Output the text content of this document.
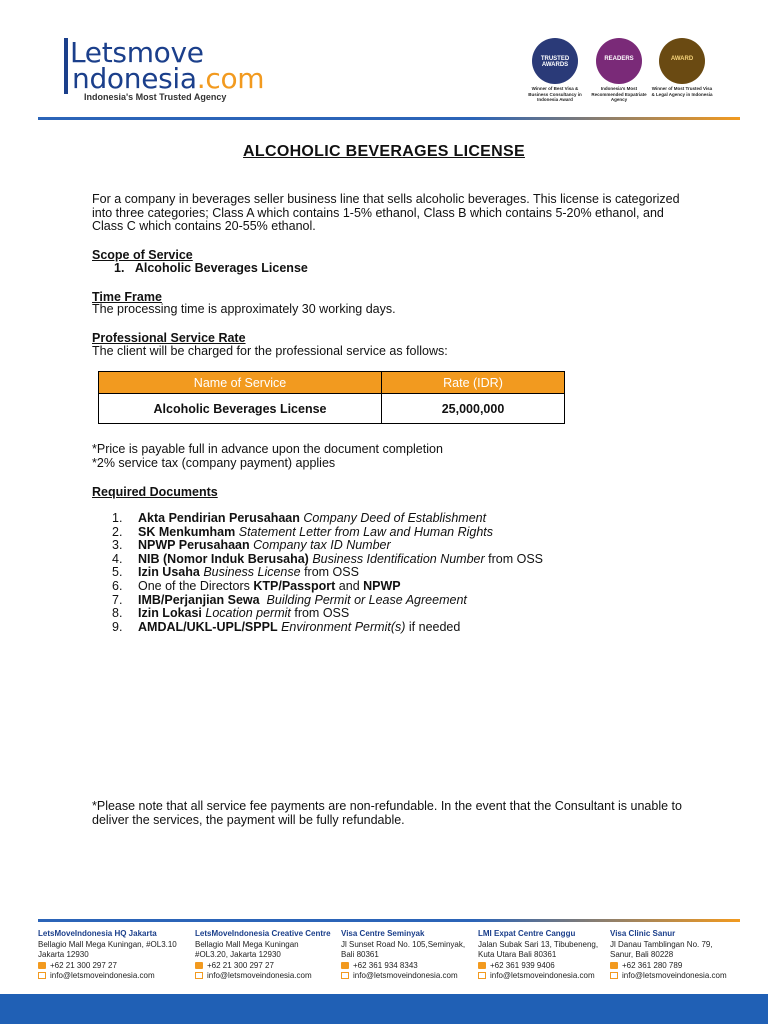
Letsmove
ndonesia.com
Indonesia's Most Trusted Agency
Winner of Best Visa & Business Consultancy in Indonesia Award
TRUSTED AWARDS
Indonesia's Most Recommended Expatriate Agency
READERS
Winner of Most Trusted Visa & Legal Agency in Indonesia
AWARD
ALCOHOLIC BEVERAGES LICENSE
For a company in beverages seller business line that sells alcoholic beverages. This license is categorized into three categories; Class A which contains 1-5% ethanol, Class B which contains 5-20% ethanol, and Class C which contains 20-55% ethanol.
Scope of Service
1. Alcoholic Beverages License
Time Frame
The processing time is approximately 30 working days.
Professional Service Rate
The client will be charged for the professional service as follows:
Name of Service	Rate (IDR)
Alcoholic Beverages License	25,000,000
*Price is payable full in advance upon the document completion
*2% service tax (company payment) applies
Required Documents
1. Akta Pendirian Perusahaan Company Deed of Establishment
2. SK Menkumham Statement Letter from Law and Human Rights
3. NPWP Perusahaan Company tax ID Number
4. NIB (Nomor Induk Berusaha) Business Identification Number from OSS
5. Izin Usaha Business License from OSS
6. One of the Directors KTP/Passport and NPWP
7. IMB/Perjanjian Sewa Building Permit or Lease Agreement
8. Izin Lokasi Location permit from OSS
9. AMDAL/UKL-UPL/SPPL Environment Permit(s) if needed
*Please note that all service fee payments are non-refundable. In the event that the Consultant is unable to deliver the services, the payment will be fully refundable.
LetsMoveIndonesia HQ Jakarta
Bellagio Mall Mega Kuningan, #OL3.10
Jakarta 12930
+62 21 300 297 27
info@letsmoveindonesia.com
LetsMoveIndonesia Creative Centre
Bellagio Mall Mega Kuningan
#OL3.20, Jakarta 12930
+62 21 300 297 27
info@letsmoveindonesia.com
Visa Centre Seminyak
Jl Sunset Road No. 105,Seminyak,
Bali 80361
+62 361 934 8343
info@letsmoveindonesia.com
LMI Expat Centre Canggu
Jalan Subak Sari 13, Tibubeneng,
Kuta Utara Bali 80361
+62 361 939 9406
info@letsmoveindonesia.com
Visa Clinic Sanur
Jl Danau Tamblingan No. 79,
Sanur, Bali 80228
+62 361 280 789
info@letsmoveindonesia.com
